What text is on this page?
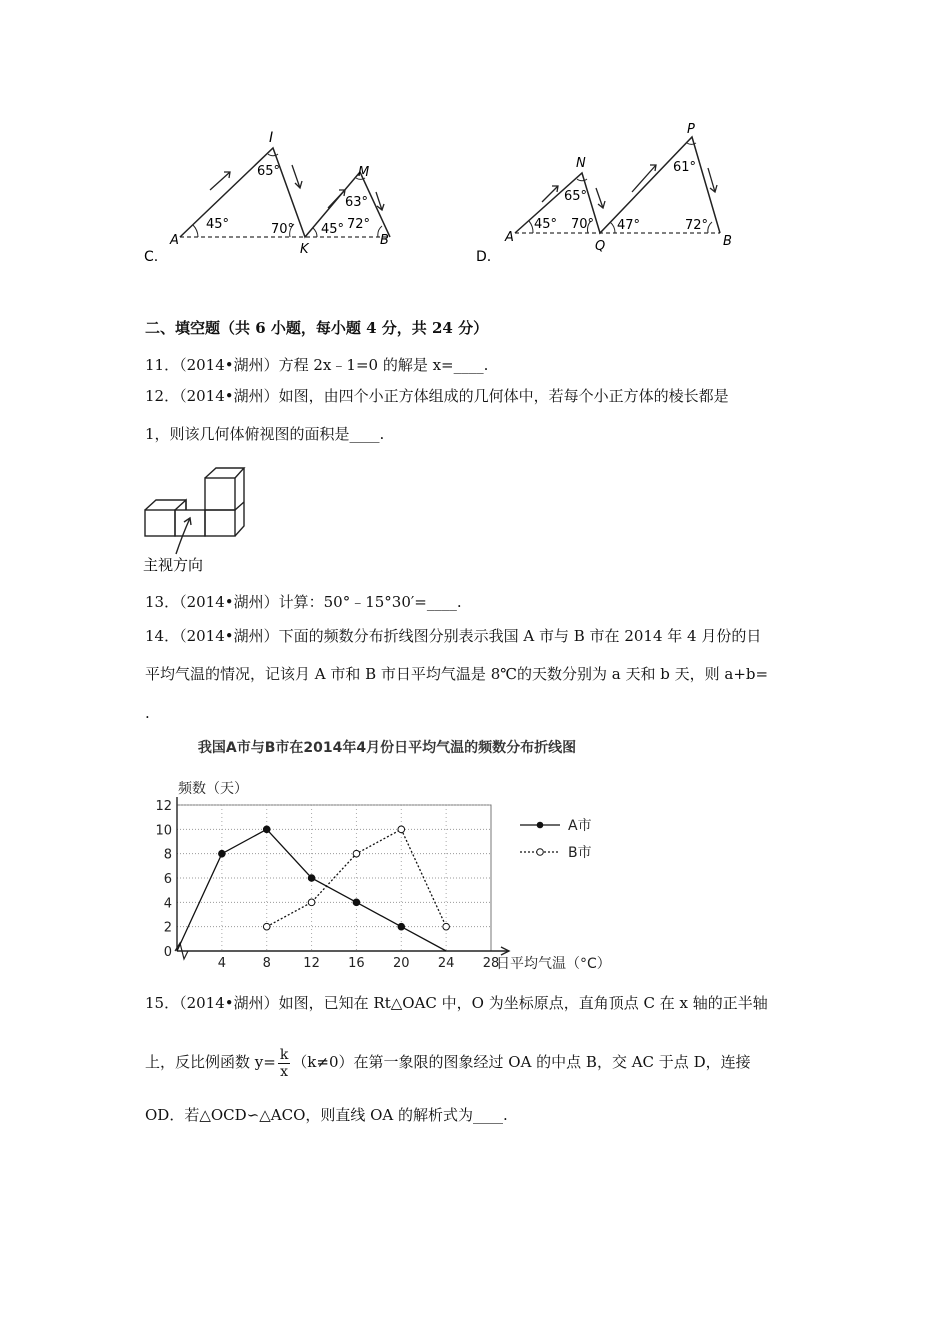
I
M
A
K
B
65°
45°	70°
63°
45° 72°
C.
N
P
A
Q	B
65°
61°
45° 70° 47°	72°
D.
二、填空题（共 6 小题，每小题 4 分，共 24 分）
11．（2014•湖州）方程 2x﹣1=0 的解是 x=____.
12．（2014•湖州）如图，由四个小正方体组成的几何体中，若每个小正方体的棱长都是
1，则该几何体俯视图的面积是____.
主视方向
13．（2014•湖州）计算：50°﹣15°30′=____.
14．（2014•湖州）下面的频数分布折线图分别表示我国 A 市与 B 市在 2014 年 4 月份的日
平均气温的情况，记该月 A 市和 B 市日平均气温是 8℃的天数分别为 a 天和 b 天，则 a+b=
.
我国A市与B市在2014年4月份日平均气温的频数分布折线图
频数（天）
日平均气温（°C）
0
2
4
6
8
10
12
4	8 12 16 20 24 28
A市
B市
15．（2014•湖州）如图，已知在 Rt△OAC 中，O 为坐标原点，直角顶点 C 在 x 轴的正半轴
上，反比例函数 $y= \frac{k}{x} (k\ne 0)$在第一象限的图象经过 OA 的中点 B，交 AC 于点 D，连接
OD．若△OCD∽△ACO，则直线 OA 的解析式为____.
